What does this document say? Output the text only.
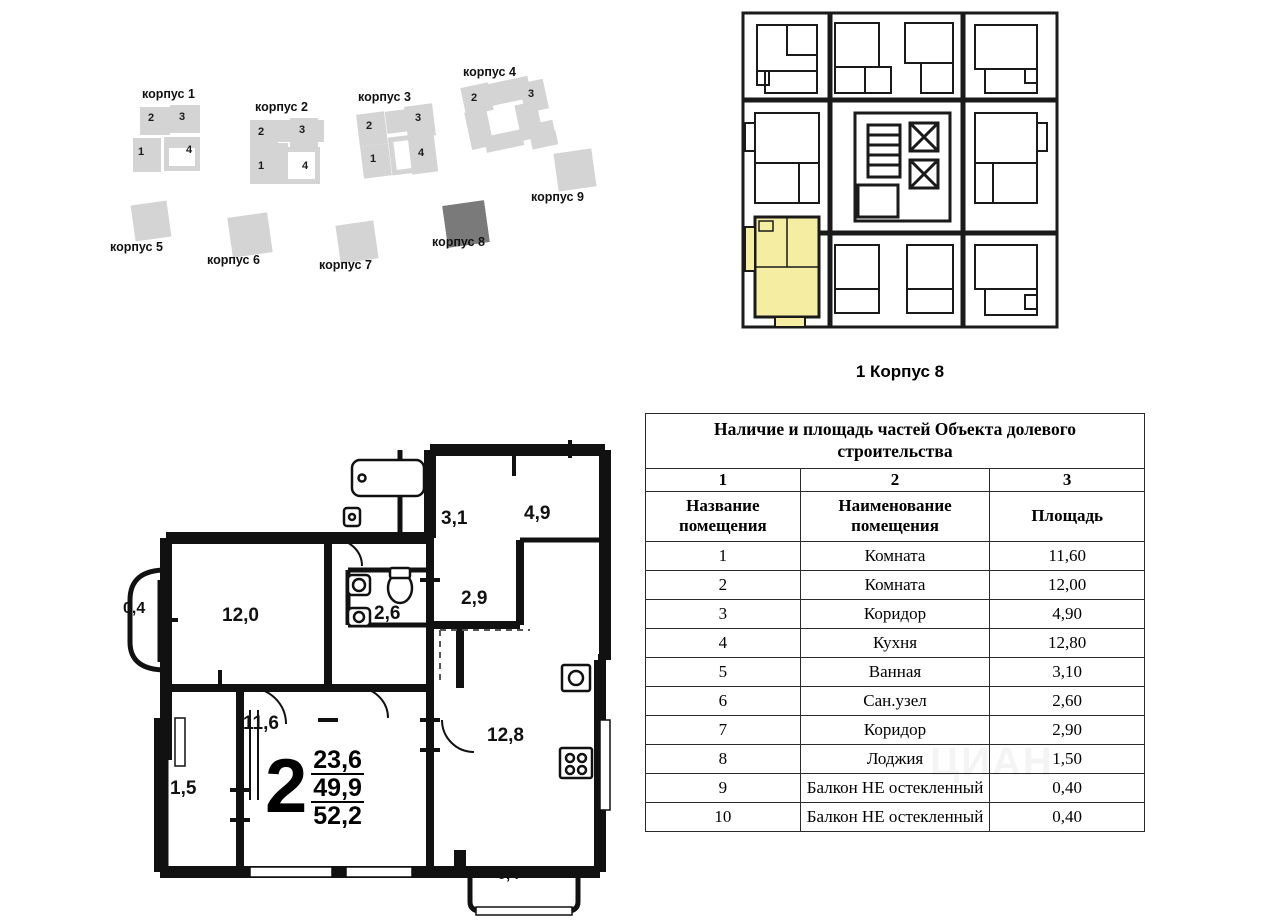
корпус 1
2 3
1	4
корпус 2
2	3
1	4
корпус 3
2
3
1	4
корпус 4
2	3
корпус 9
корпус 8
корпус 7
корпус 6
корпус 5
1 Корпус 8
0,4	12,0
3,1	4,9
2,6
2,9
11,6
1,5
12,8
0,4
2 23,6
49,9
52,2
Наличие и площадь частей Объекта долевого строительства		
1	2	3
Название помещения	Наименование помещения	Площадь
1	Комната	11,60
2	Комната	12,00
3	Коридор	4,90
4	Кухня	12,80
5	Ванная	3,10
6	Сан.узел	2,60
7	Коридор	2,90
8	Лоджия	1,50
9	Балкон НЕ остекленный	0,40
10	Балкон НЕ остекленный	0,40
